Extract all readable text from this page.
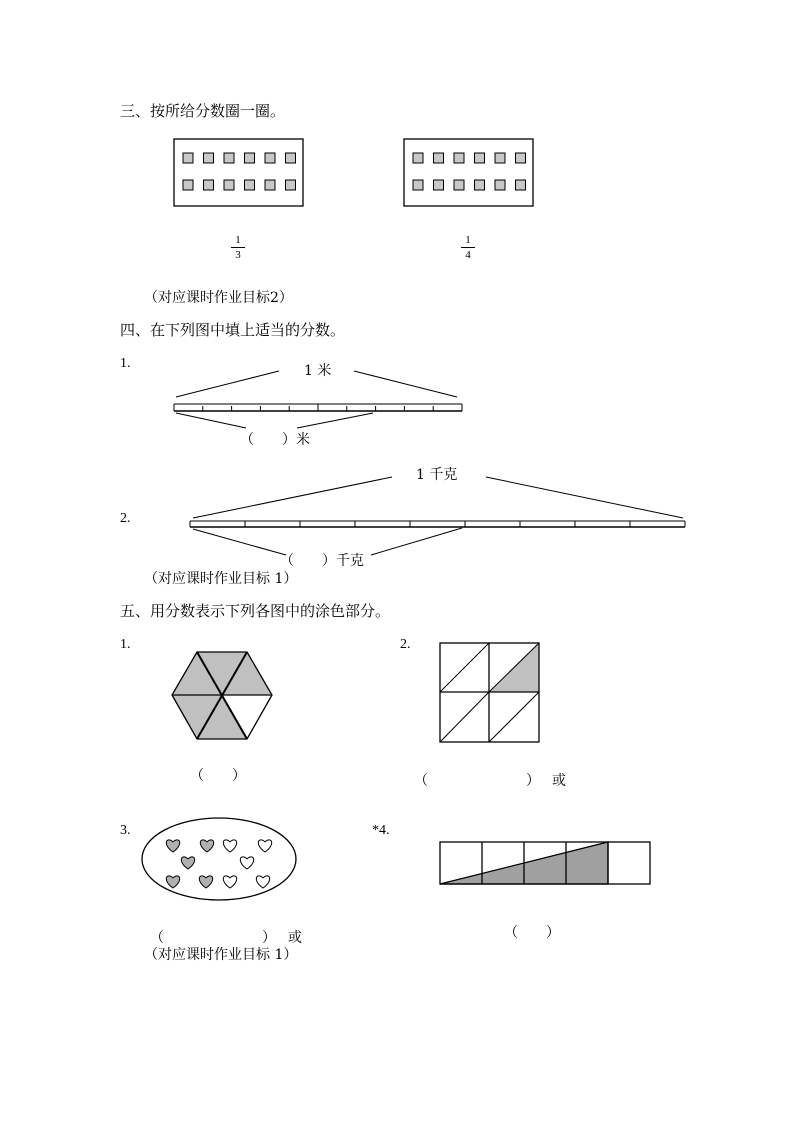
三、按所给分数圈一圈。
1
3
1
4
（对应课时作业目标2）
四、在下列图中填上适当的分数。
1.	1 米
（　　）米
2.
1 千克
（　　）千克
（对应课时作业目标 1）
五、用分数表示下列各图中的涂色部分。
1.
（　　）
2.
（　　　　　　　） 或
3.
（　　　　　　　） 或
*4.
（　　）
（对应课时作业目标 1）
